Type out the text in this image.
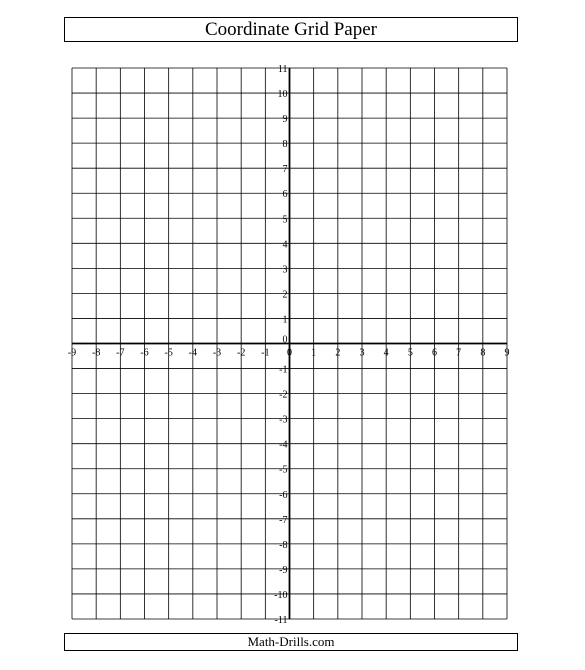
Coordinate Grid Paper
-9 -8 -7 -6 -5 -4 -3 -2 -1 0 1 2 3 4 5 6 7 8 9
11
10
9
8
7
6
5
4
3
2
1
-1
-2
-3
-4
-5
-6
-7
-8
-9
-10
-11
0
Math-Drills.com
